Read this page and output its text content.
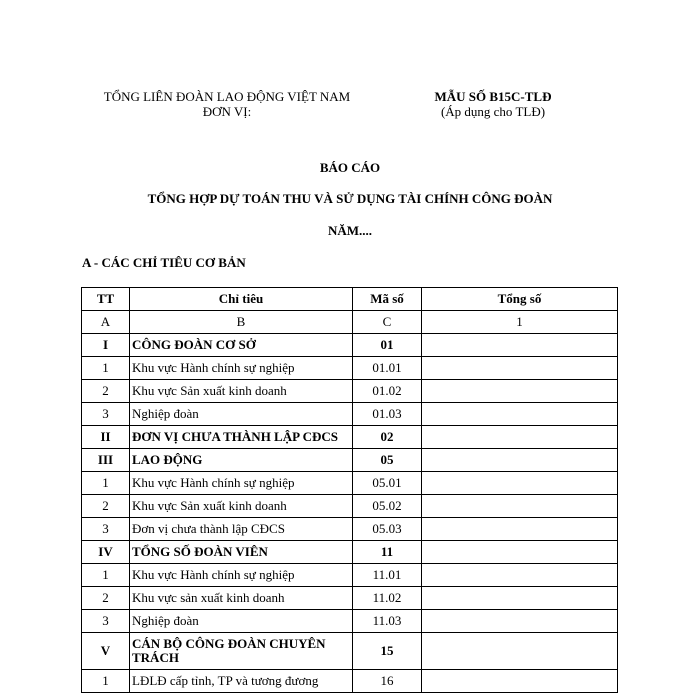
TỔNG LIÊN ĐOÀN LAO ĐỘNG VIỆT NAM
ĐƠN VỊ:
MẪU SỐ B15C-TLĐ
(Áp dụng cho TLĐ)
BÁO CÁO
TỔNG HỢP DỰ TOÁN THU VÀ SỬ DỤNG TÀI CHÍNH CÔNG ĐOÀN
NĂM....
A - CÁC CHỈ TIÊU CƠ BẢN
TT	Chỉ tiêu	Mã số	Tổng số
A	B	C	1
I	CÔNG ĐOÀN CƠ SỞ	01	
1	Khu vực Hành chính sự nghiệp	01.01	
2	Khu vực Sản xuất kinh doanh	01.02	
3	Nghiệp đoàn	01.03	
II	ĐƠN VỊ CHƯA THÀNH LẬP CĐCS	02	
III	LAO ĐỘNG	05	
1	Khu vực Hành chính sự nghiệp	05.01	
2	Khu vực Sản xuất kinh doanh	05.02	
3	Đơn vị chưa thành lập CĐCS	05.03	
IV	TỔNG SỐ ĐOÀN VIÊN	11	
1	Khu vực Hành chính sự nghiệp	11.01	
2	Khu vực sản xuất kinh doanh	11.02	
3	Nghiệp đoàn	11.03	
V	CÁN BỘ CÔNG ĐOÀN CHUYÊN TRÁCH	15	
1	LĐLĐ cấp tỉnh, TP và tương đương	16	
